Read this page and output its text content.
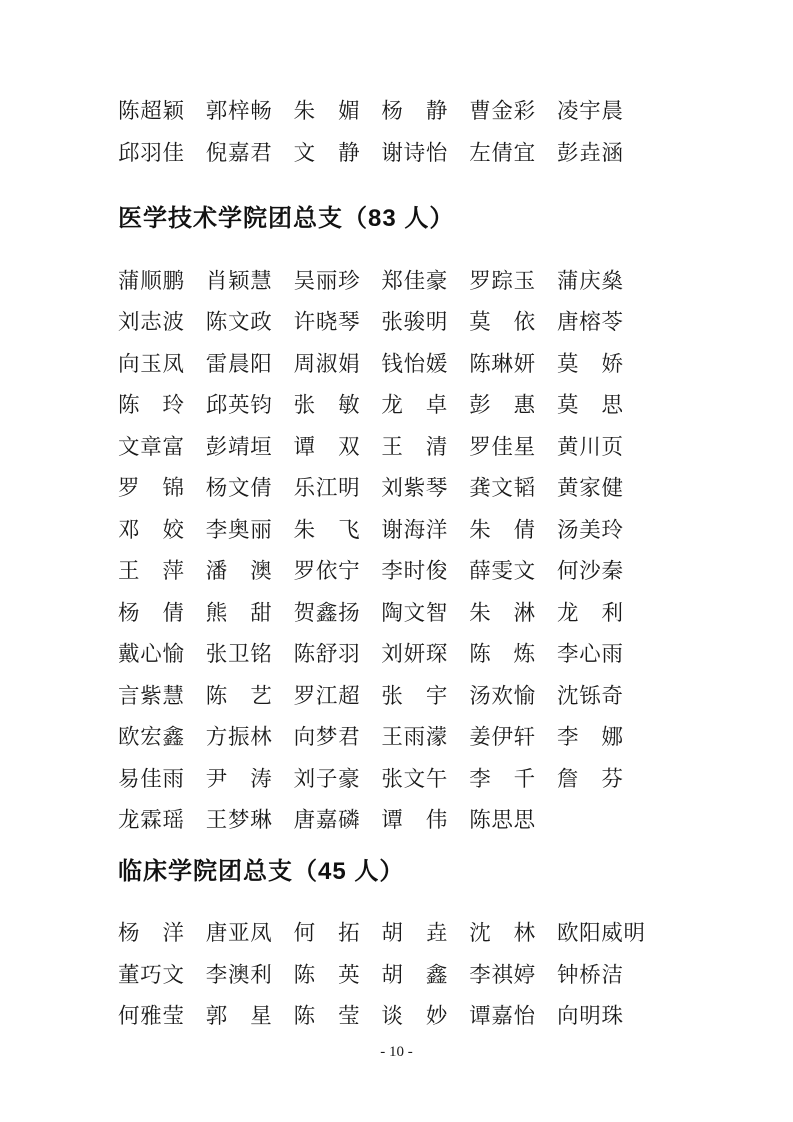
陈 超 颖 郭 梓 畅 朱 媚 杨 静 曹 金 彩 凌 宇 晨
邱 羽 佳 倪 嘉 君 文 静 谢 诗 怡 左 倩 宜 彭 垚 涵
医学技术学院团总支（83 人）
蒲 顺 鹏 肖 颖 慧 吴 丽 珍 郑 佳 豪 罗 踪 玉 蒲 庆 燊
刘 志 波 陈 文 政 许 晓 琴 张 骏 明 莫 依 唐 榕 苓
向 玉 凤 雷 晨 阳 周 淑 娟 钱 怡 媛 陈 琳 妍 莫 娇
陈 玲 邱 英 钧 张 敏 龙 卓 彭 惠 莫 思
文 章 富 彭 靖 垣 谭 双 王 清 罗 佳 星 黄 川 页
罗 锦 杨 文 倩 乐 江 明 刘 紫 琴 龚 文 韬 黄 家 健
邓 姣 李 奥 丽 朱 飞 谢 海 洋 朱 倩 汤 美 玲
王 萍 潘 澳 罗 依 宁 李 时 俊 薛 雯 文 何 沙 秦
杨 倩 熊 甜 贺 鑫 扬 陶 文 智 朱 淋 龙 利
戴 心 愉 张 卫 铭 陈 舒 羽 刘 妍 琛 陈 炼 李 心 雨
言 紫 慧 陈 艺 罗 江 超 张 宇 汤 欢 愉 沈 铄 奇
欧 宏 鑫 方 振 林 向 梦 君 王 雨 濛 姜 伊 轩 李 娜
易 佳 雨 尹 涛 刘 子 豪 张 文 午 李 千 詹 芬
龙 霖 瑶 王 梦 琳 唐 嘉 磷 谭 伟 陈 思 思
临床学院团总支（45 人）
杨 洋 唐 亚 凤 何 拓 胡 垚 沈 林 欧 阳 威 明
董 巧 文 李 澳 利 陈 英 胡 鑫 李 祺 婷 钟 桥 洁
何 雅 莹 郭 星 陈 莹 谈 妙 谭 嘉 怡 向 明 珠
- 10 -
